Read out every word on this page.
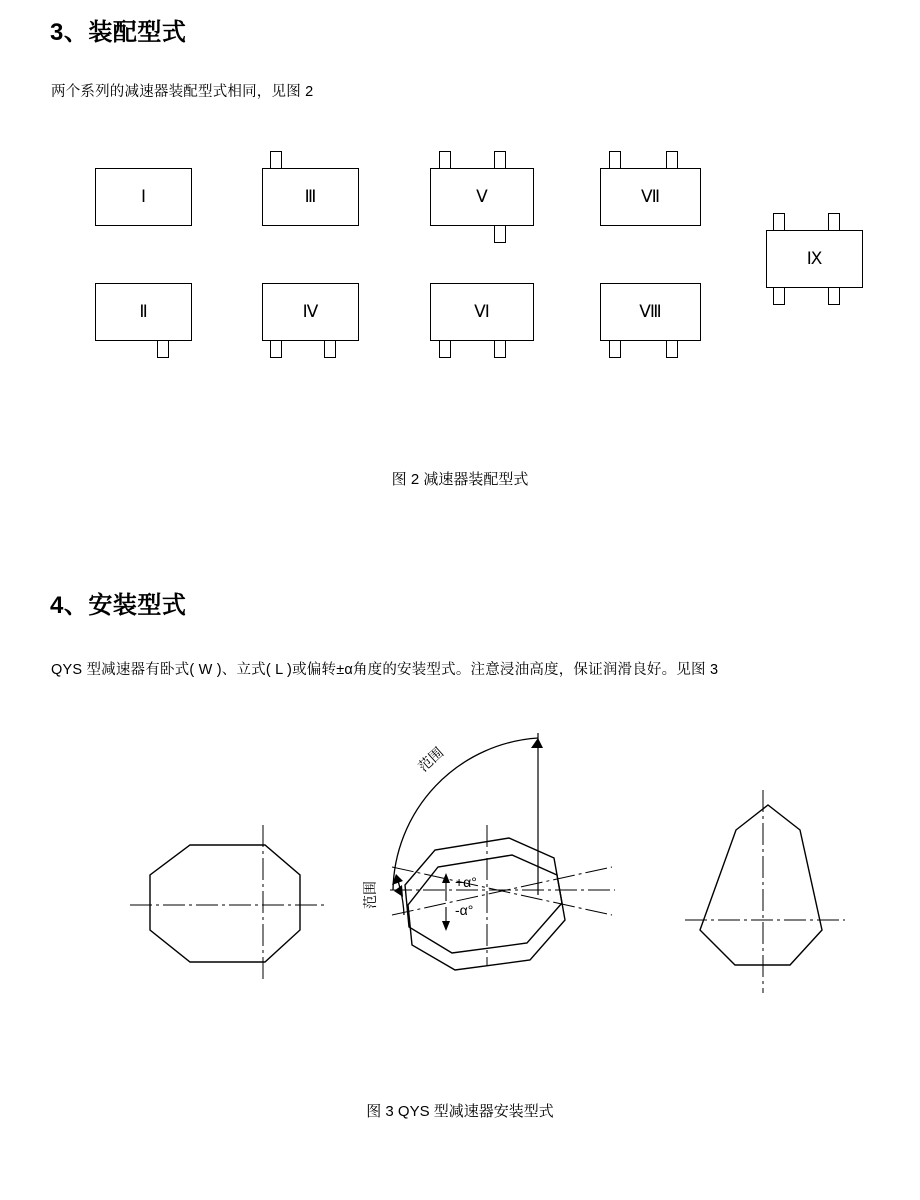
3、装配型式
两个系列的减速器装配型式相同，见图 2
Ⅰ	Ⅲ	Ⅴ	Ⅶ
Ⅸ
Ⅱ	Ⅳ	Ⅵ	Ⅷ
图 2 减速器装配型式
4、安装型式
QYS 型减速器有卧式( W )、立式( L )或偏转±α角度的安装型式。注意浸油高度，保证润滑良好。见图 3
范围
范围	+α°
-α°
图 3 QYS 型减速器安装型式
